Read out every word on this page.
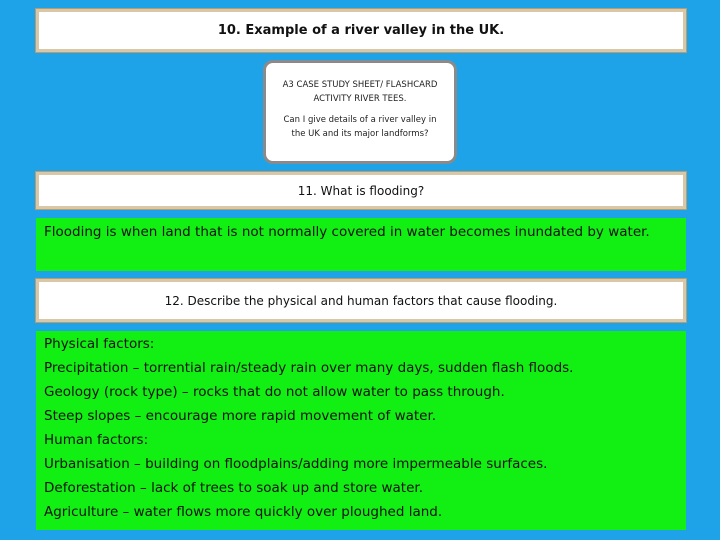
10. Example of a river valley in the UK.

A3 CASE STUDY SHEET/ FLASHCARD ACTIVITY RIVER TEES.

Can I give details of a river valley in the UK and its major landforms?

11. What is flooding?
Flooding is when land that is not normally covered in water becomes inundated by water.
12. Describe the physical and human factors that cause flooding.
Physical factors:
Precipitation – torrential rain/steady rain over many days, sudden flash floods.
Geology (rock type) – rocks that do not allow water to pass through.
Steep slopes – encourage more rapid movement of water.
Human factors:
Urbanisation – building on floodplains/adding more impermeable surfaces.
Deforestation – lack of trees to soak up and store water.
Agriculture – water flows more quickly over ploughed land.
